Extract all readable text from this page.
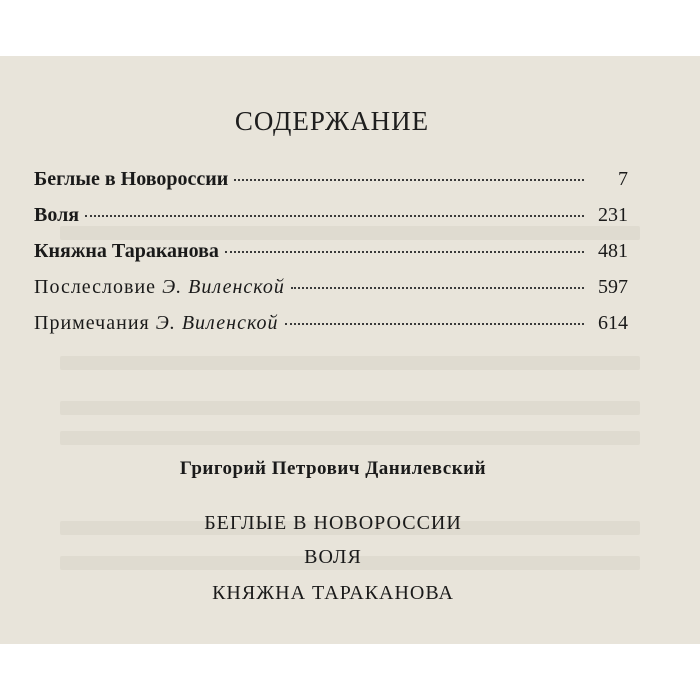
СОДЕРЖАНИЕ
Беглые в Новороссии	7
Воля	231
Княжна Тараканова	481
Послесловие Э. Виленской	597
Примечания Э. Виленской	614
Григорий Петрович Данилевский
БЕГЛЫЕ В НОВОРОССИИ
ВОЛЯ
КНЯЖНА ТАРАКАНОВА
